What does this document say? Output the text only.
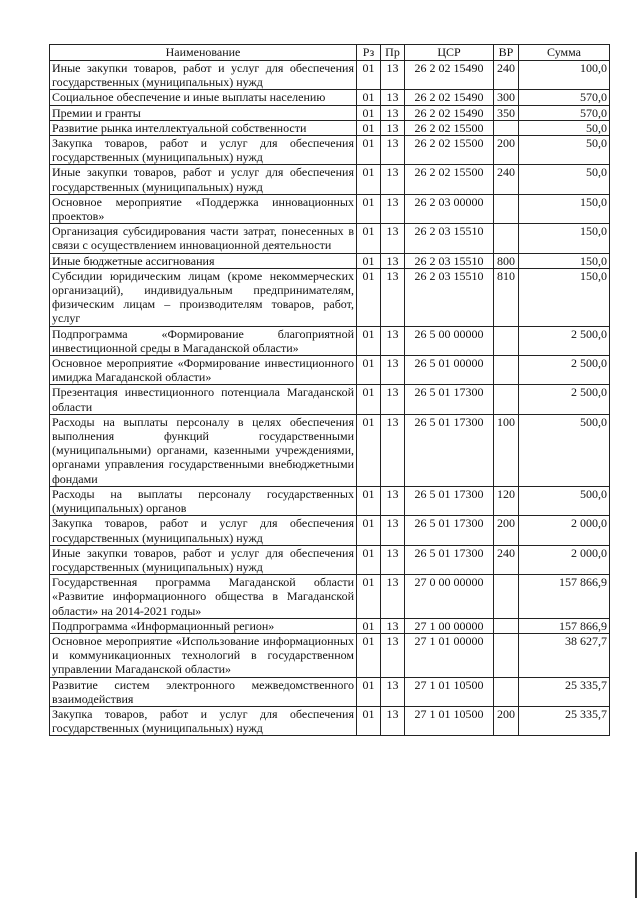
Наименование	Рз	Пр	ЦСР	ВР	Сумма
Иные закупки товаров, работ и услуг для обеспечения государственных (муниципальных) нужд	01	13	26 2 02 15490	240	100,0
Социальное обеспечение и иные выплаты населению	01	13	26 2 02 15490	300	570,0
Премии и гранты	01	13	26 2 02 15490	350	570,0
Развитие рынка интеллектуальной собственности	01	13	26 2 02 15500		50,0
Закупка товаров, работ и услуг для обеспечения государственных (муниципальных) нужд	01	13	26 2 02 15500	200	50,0
Иные закупки товаров, работ и услуг для обеспечения государственных (муниципальных) нужд	01	13	26 2 02 15500	240	50,0
Основное мероприятие «Поддержка инновационных проектов»	01	13	26 2 03 00000		150,0
Организация субсидирования части затрат, понесенных в связи с осуществлением инновационной деятельности	01	13	26 2 03 15510		150,0
Иные бюджетные ассигнования	01	13	26 2 03 15510	800	150,0
Субсидии юридическим лицам (кроме некоммерческих организаций), индивидуальным предпринимателям, физическим лицам – производителям товаров, работ, услуг	01	13	26 2 03 15510	810	150,0
Подпрограмма «Формирование благоприятной инвестиционной среды в Магаданской области»	01	13	26 5 00 00000		2 500,0
Основное мероприятие «Формирование инвестиционного имиджа Магаданской области»	01	13	26 5 01 00000		2 500,0
Презентация инвестиционного потенциала Магаданской области	01	13	26 5 01 17300		2 500,0
Расходы на выплаты персоналу в целях обеспечения выполнения функций государственными (муниципальными) органами, казенными учреждениями, органами управления государственными внебюджетными фондами	01	13	26 5 01 17300	100	500,0
Расходы на выплаты персоналу государственных (муниципальных) органов	01	13	26 5 01 17300	120	500,0
Закупка товаров, работ и услуг для обеспечения государственных (муниципальных) нужд	01	13	26 5 01 17300	200	2 000,0
Иные закупки товаров, работ и услуг для обеспечения государственных (муниципальных) нужд	01	13	26 5 01 17300	240	2 000,0
Государственная программа Магаданской области «Развитие информационного общества в Магаданской области» на 2014-2021 годы»	01	13	27 0 00 00000		157 866,9
Подпрограмма «Информационный регион»	01	13	27 1 00 00000		157 866,9
Основное мероприятие «Использование информационных и коммуникационных технологий в государственном управлении Магаданской области»	01	13	27 1 01 00000		38 627,7
Развитие систем электронного межведомственного взаимодействия	01	13	27 1 01 10500		25 335,7
Закупка товаров, работ и услуг для обеспечения государственных (муниципальных) нужд	01	13	27 1 01 10500	200	25 335,7
